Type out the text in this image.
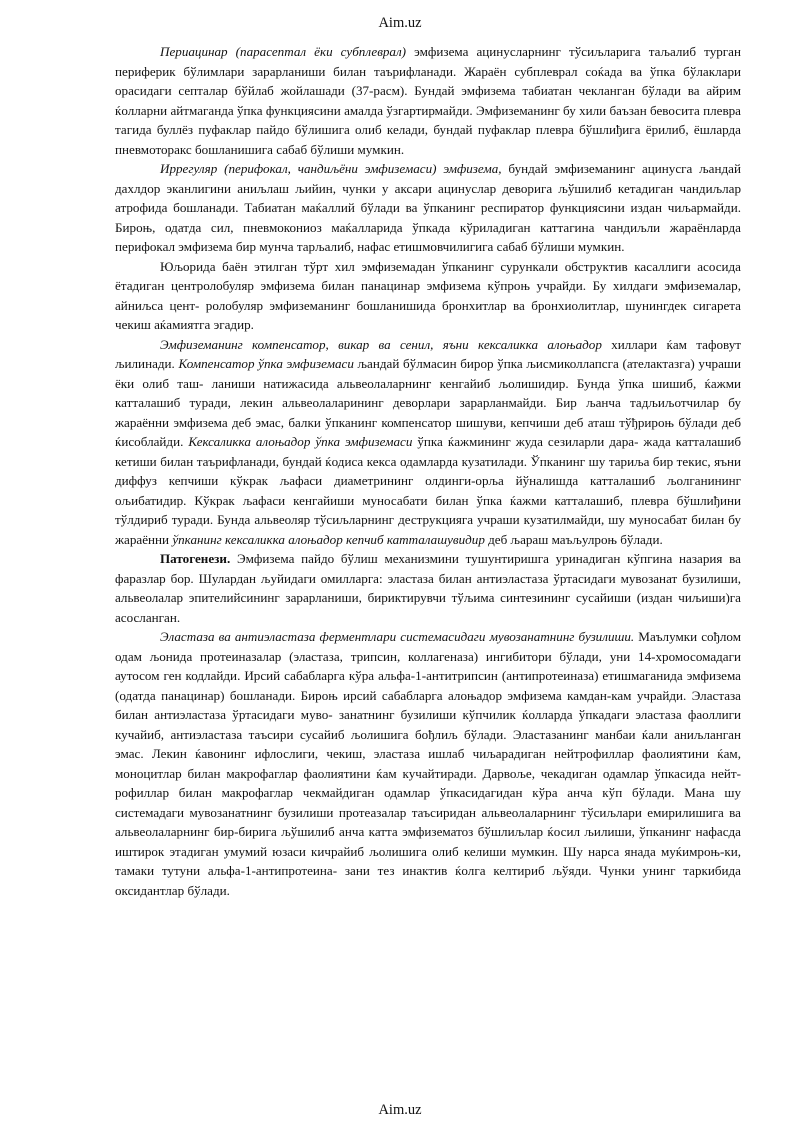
Aim.uz

Периацинар (парасептал ёки субплеврал) эмфизема ацинусларнинг тўсиљларига таљалиб турган периферик бўлимлари зарарланиши билан таърифланади. Жараён субплеврал соќада ва ўпка бўлаклари орасидаги септалар бўйлаб жойлашади (37-расм). Бундай эмфизема табиатан чекланган бўлади ва айрим ќолларни айтмаганда ўпка функциясини амалда ўзгартирмайди. Эмфиземанинг бу хили баъзан бевосита плевра тагида буллёз пуфаклар пайдо бўлишига олиб келади, бундай пуфаклар плевра бўшлиђига ёрилиб, ёшларда пневмоторакс бошланишига сабаб бўлиши мумкин.

Иррегуляр (перифокал, чандиљёни эмфиземаси) эмфизема, бундай эмфиземанинг ацинусга љандай дахлдор эканлигини аниљлаш љийин, чунки у аксари ацинуслар деворига љўшилиб кетадиган чандиљлар атрофида бошланади. Табиатан маќаллий бўлади ва ўпканинг респиратор функциясини издан чиљармайди. Бироњ, одатда сил, пневмокониоз маќалларида ўпкада кўриладиган каттагина чандиљли жараёнларда перифокал эмфизема бир мунча тарљалиб, нафас етишмовчилигига сабаб бўлиши мумкин.

Юљорида баён этилган тўрт хил эмфиземадан ўпканинг сурункали обструктив касаллиги асосида ётадиган центролобуляр эмфизема билан панацинар эмфизема кўпроњ учрайди. Бу хилдаги эмфиземалар, айниљса цент- ролобуляр эмфиземанинг бошланишида бронхитлар ва бронхиолитлар, шунингдек сигарета чекиш аќамиятга эгадир.

Эмфиземанинг компенсатор, викар ва сенил, яъни кексаликка алоњадор хиллари ќам тафовут љилинади. Компенсатор ўпка эмфиземаси љандай бўлмасин бирор ўпка љисмиколлапсга (ателактазга) учраши ёки олиб таш- ланиши натижасида альвеолаларнинг кенгайиб љолишидир. Бунда ўпка шишиб, ќажми катталашиб туради, лекин альвеолаларининг деворлари зарарланмайди. Бир љанча тадљиљотчилар бу жараённи эмфизема деб эмас, балки ўпканинг компенсатор шишуви, кепчиши деб аташ тўђрироњ бўлади деб ќисоблайди. Кексаликка алоњадор ўпка эмфиземаси ўпка ќажмининг жуда сезиларли дара- жада катталашиб кетиши билан таърифланади, бундай ќодиса кекса одамларда кузатилади. Ўпканинг шу тариља бир текис, яъни диффуз кепчиши кўкрак љафаси диаметрининг олдинги-орља йўналишда катталашиб љолганининг ољибатидир. Кўкрак љафаси кенгайиши муносабати билан ўпка ќажми катталашиб, плевра бўшлиђини тўлдириб туради. Бунда альвеоляр тўсиљларнинг деструкцияга учраши кузатилмайди, шу муносабат билан бу жараённи ўпканинг кексаликка алоњадор кепчиб катталашувидир деб љараш маъљулроњ бўлади.

Патогенези. Эмфизема пайдо бўлиш механизмини тушунтиришга уринадиган кўпгина назария ва фаразлар бор. Шулардан љуйидаги омилларга: эластаза билан антиэластаза ўртасидаги мувозанат бузилиши, альвеолалар эпителийсининг зарарланиши, бириктирувчи тўљима синтезининг сусайиши (издан чиљиши)га асосланган.

Эластаза ва антиэластаза ферментлари системасидаги мувозанатнинг бузилиши. Маълумки сођлом одам љонида протеиназалар (эластаза, трипсин, коллагеназа) ингибитори бўлади, уни 14-хромосомадаги аутосом ген кодлайди. Ирсий сабабларга кўра альфа-1-антитрипсин (антипротеиназа) етишмаганида эмфизема (одатда панацинар) бошланади. Бироњ ирсий сабабларга алоњадор эмфизема камдан-кам учрайди. Эластаза билан антиэластаза ўртасидаги муво- занатнинг бузилиши кўпчилик ќолларда ўпкадаги эластаза фаоллиги кучайиб, антиэластаза таъсири сусайиб љолишига бођлиљ бўлади. Эластазанинг манбаи ќали аниљланган эмас. Лекин ќавонинг ифлослиги, чекиш, эластаза ишлаб чиљарадиган нейтрофиллар фаолиятини ќам, моноцитлар билан макрофаглар фаолиятини ќам кучайтиради. Дарвоље, чекадиган одамлар ўпкасида нейт- рофиллар билан макрофаглар чекмайдиган одамлар ўпкасидагидан кўра анча кўп бўлади. Мана шу системадаги мувозанатнинг бузилиши протеазалар таъсиридан альвеолаларнинг тўсиљлари емирилишига ва альвеолаларнинг бир-бирига љўшилиб анча катта эмфизематоз бўшлиљлар ќосил љилиши, ўпканинг нафасда иштирок этадиган умумий юзаси кичрайиб љолишига олиб келиши мумкин. Шу нарса янада муќимроњ-ки, тамаки тутуни альфа-1-антипротеина- зани тез инактив ќолга келтириб љўяди. Чунки унинг таркибида оксидантлар бўлади.

Aim.uz
